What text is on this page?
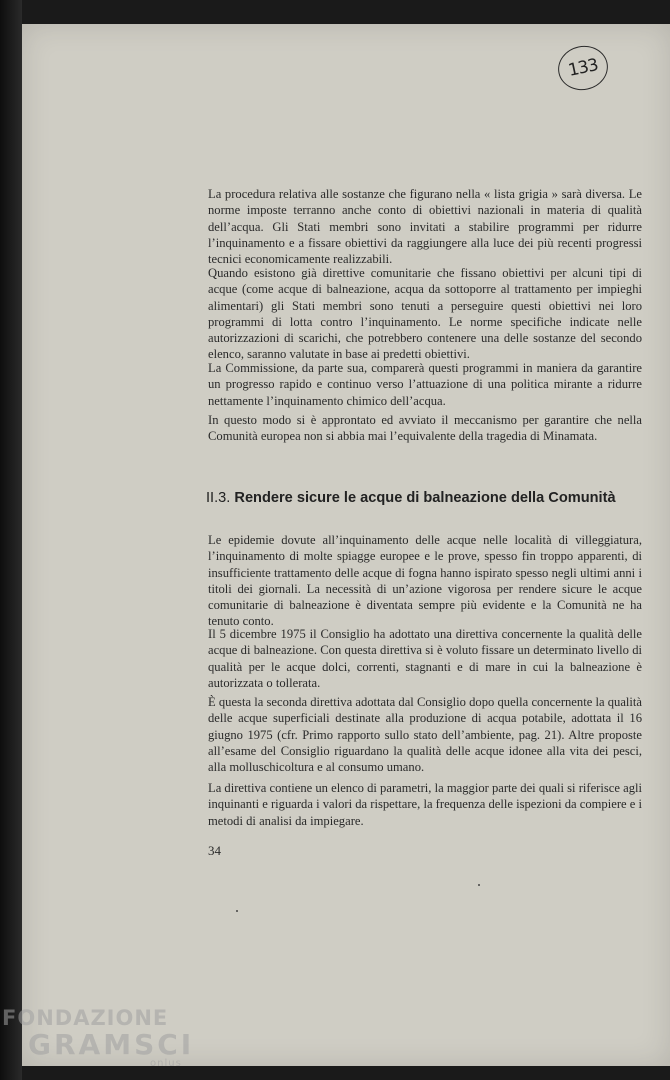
133

La procedura relativa alle sostanze che figurano nella « lista grigia » sarà diversa. Le norme imposte terranno anche conto di obiettivi nazionali in materia di qualità dell’acqua. Gli Stati membri sono invitati a stabilire programmi per ridurre l’inquinamento e a fissare obiettivi da raggiungere alla luce dei più recenti progressi tecnici economicamente realizzabili.

Quando esistono già direttive comunitarie che fissano obiettivi per alcuni tipi di acque (come acque di balneazione, acqua da sottoporre al trattamento per impieghi alimentari) gli Stati membri sono tenuti a perseguire questi obiettivi nei loro programmi di lotta contro l’inquinamento. Le norme specifiche indicate nelle autorizzazioni di scarichi, che potrebbero contenere una delle sostanze del secondo elenco, saranno valutate in base ai predetti obiettivi.

La Commissione, da parte sua, comparerà questi programmi in maniera da garantire un progresso rapido e continuo verso l’attuazione di una politica mirante a ridurre nettamente l’inquinamento chimico dell’acqua.

In questo modo si è approntato ed avviato il meccanismo per garantire che nella Comunità europea non si abbia mai l’equivalente della tragedia di Minamata.

II.3. Rendere sicure le acque di balneazione della Comunità

Le epidemie dovute all’inquinamento delle acque nelle località di villeggiatura, l’inquinamento di molte spiagge europee e le prove, spesso fin troppo apparenti, di insufficiente trattamento delle acque di fogna hanno ispirato spesso negli ultimi anni i titoli dei giornali. La necessità di un’azione vigorosa per rendere sicure le acque comunitarie di balneazione è diventata sempre più evidente e la Comunità ne ha tenuto conto.

Il 5 dicembre 1975 il Consiglio ha adottato una direttiva concernente la qualità delle acque di balneazione. Con questa direttiva si è voluto fissare un determinato livello di qualità per le acque dolci, correnti, stagnanti e di mare in cui la balneazione è autorizzata o tollerata.

È questa la seconda direttiva adottata dal Consiglio dopo quella concernente la qualità delle acque superficiali destinate alla produzione di acqua potabile, adottata il 16 giugno 1975 (cfr. Primo rapporto sullo stato dell’ambiente, pag. 21). Altre proposte all’esame del Consiglio riguardano la qualità delle acque idonee alla vita dei pesci, alla molluschicoltura e al consumo umano.

La direttiva contiene un elenco di parametri, la maggior parte dei quali si riferisce agli inquinanti e riguarda i valori da rispettare, la frequenza delle ispezioni da compiere e i metodi di analisi da impiegare.

34
FONDAZIONE
GRAMSCI
onlus
